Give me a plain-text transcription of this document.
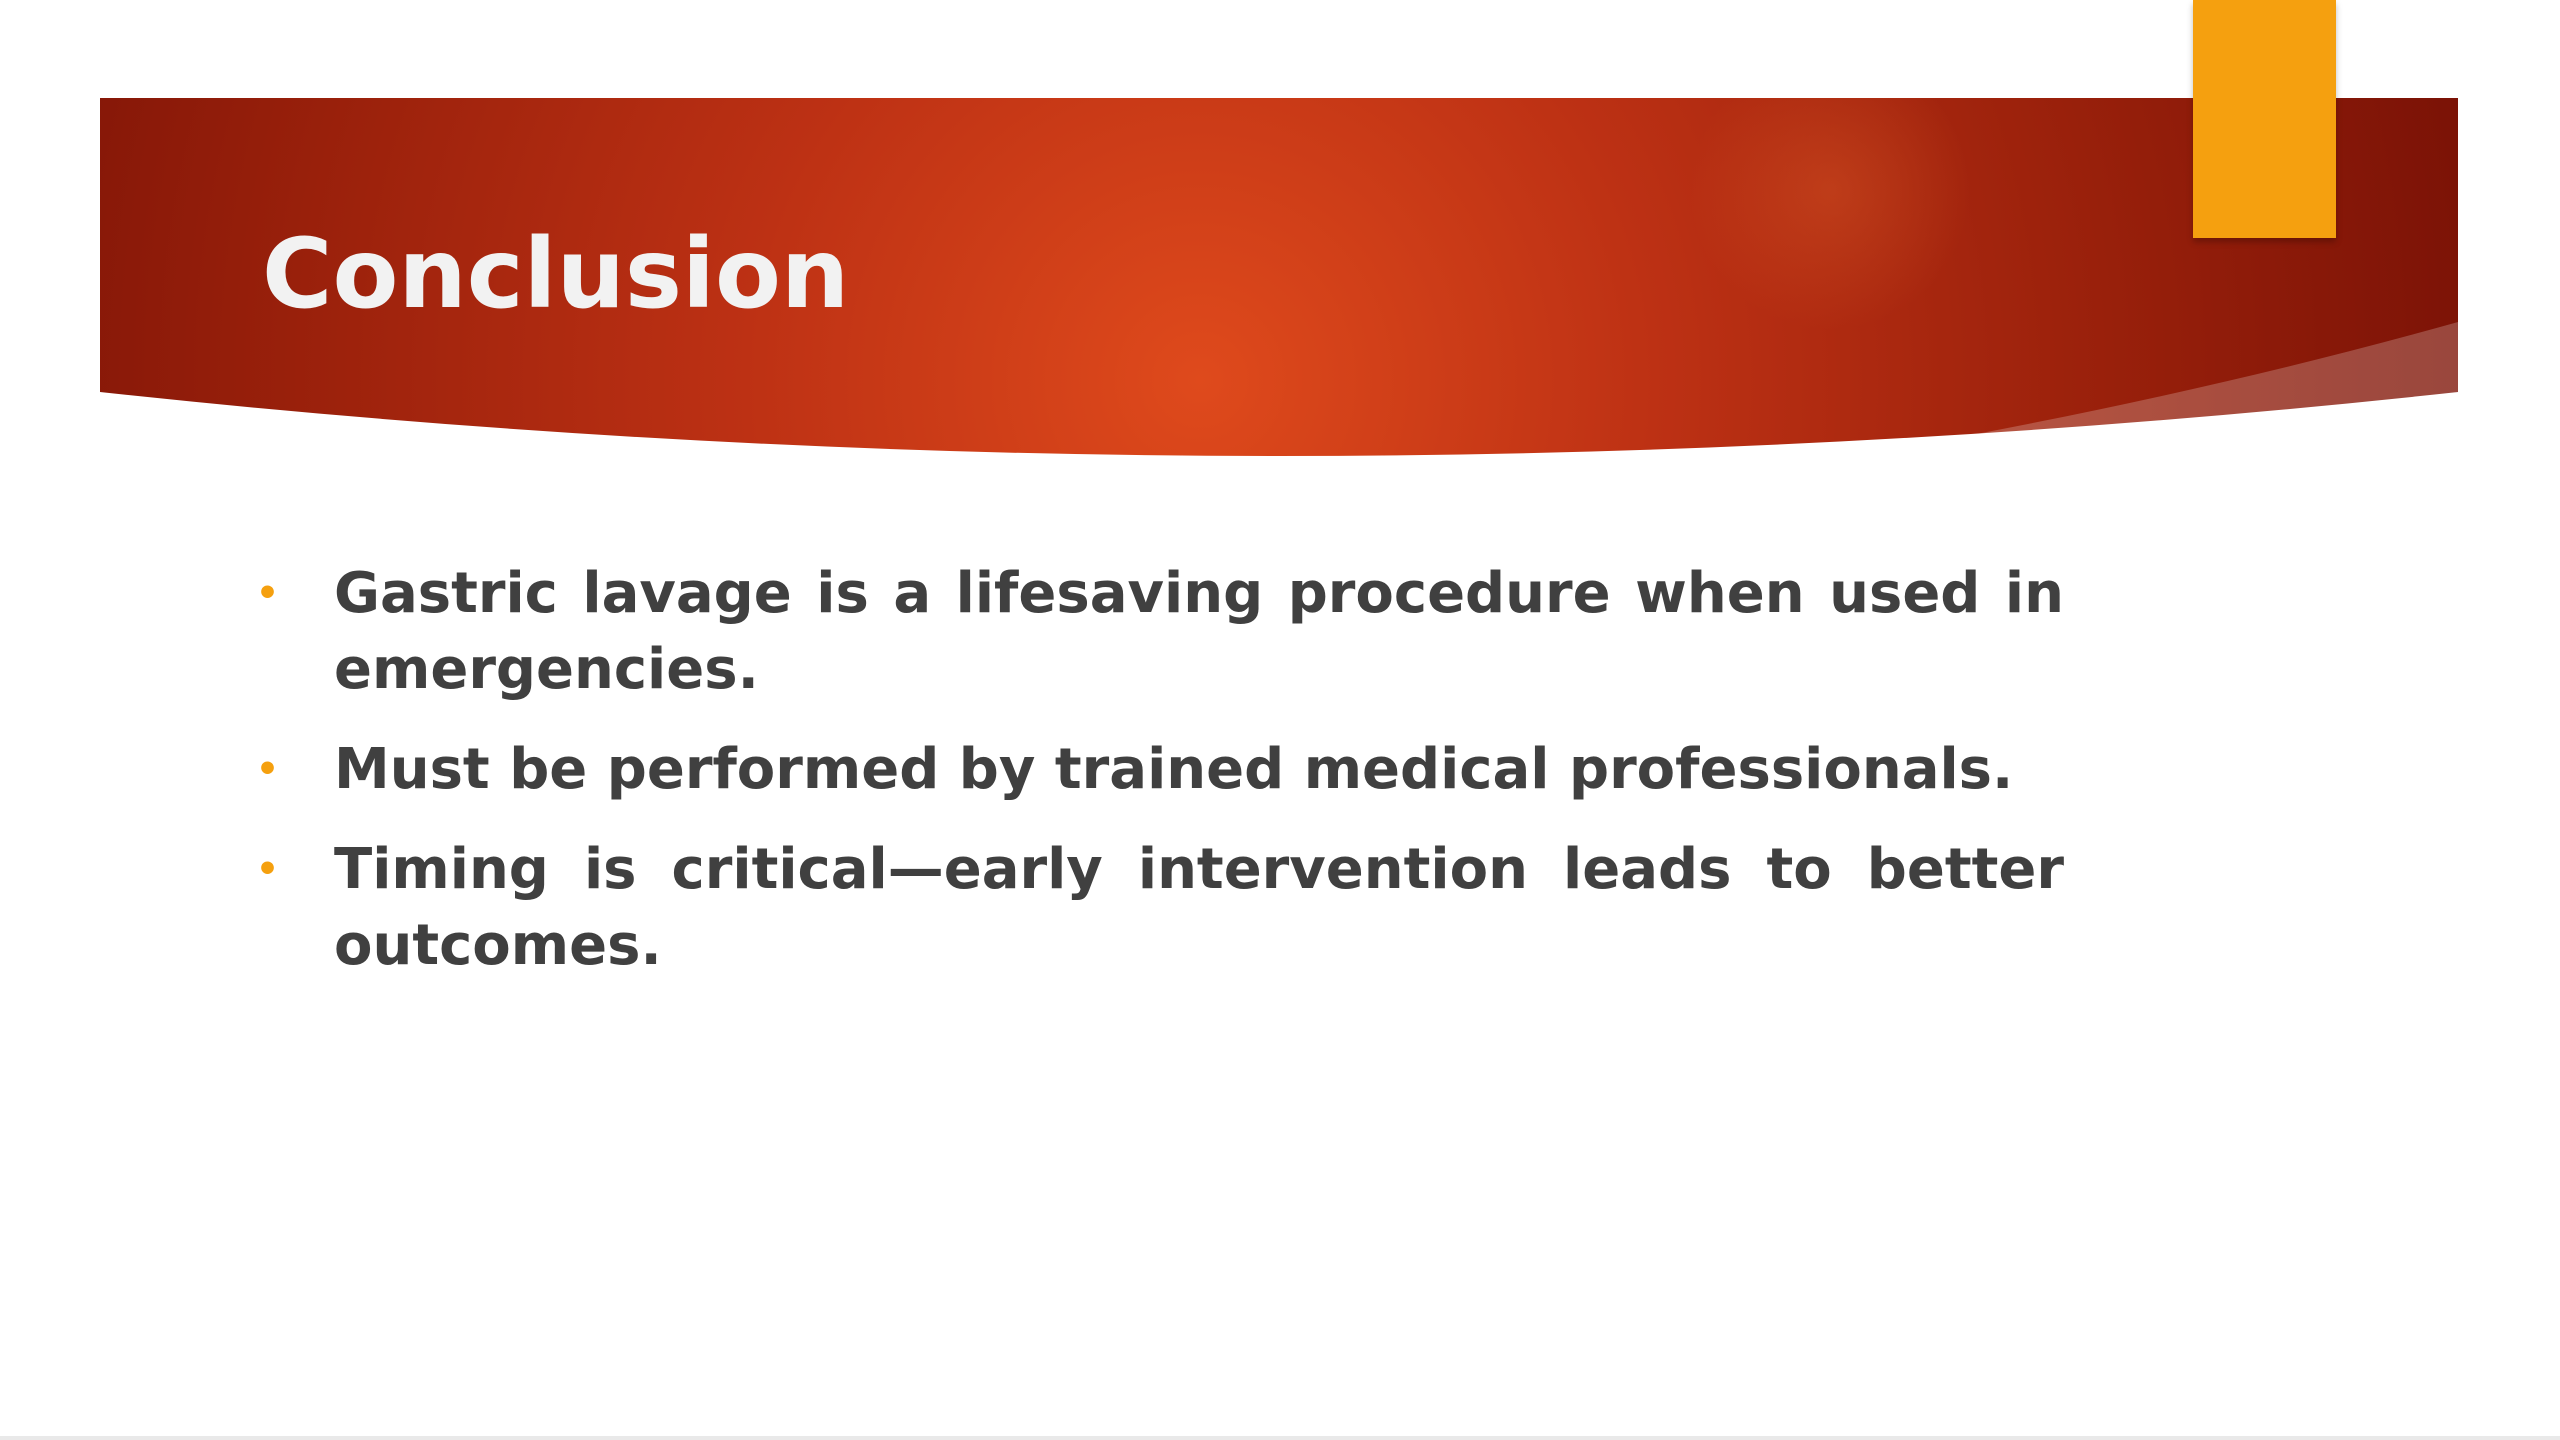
Conclusion
• Gastric lavage is a lifesaving procedure when used in emergencies.
• Must be performed by trained medical professionals.
• Timing is critical—early intervention leads to better outcomes.
